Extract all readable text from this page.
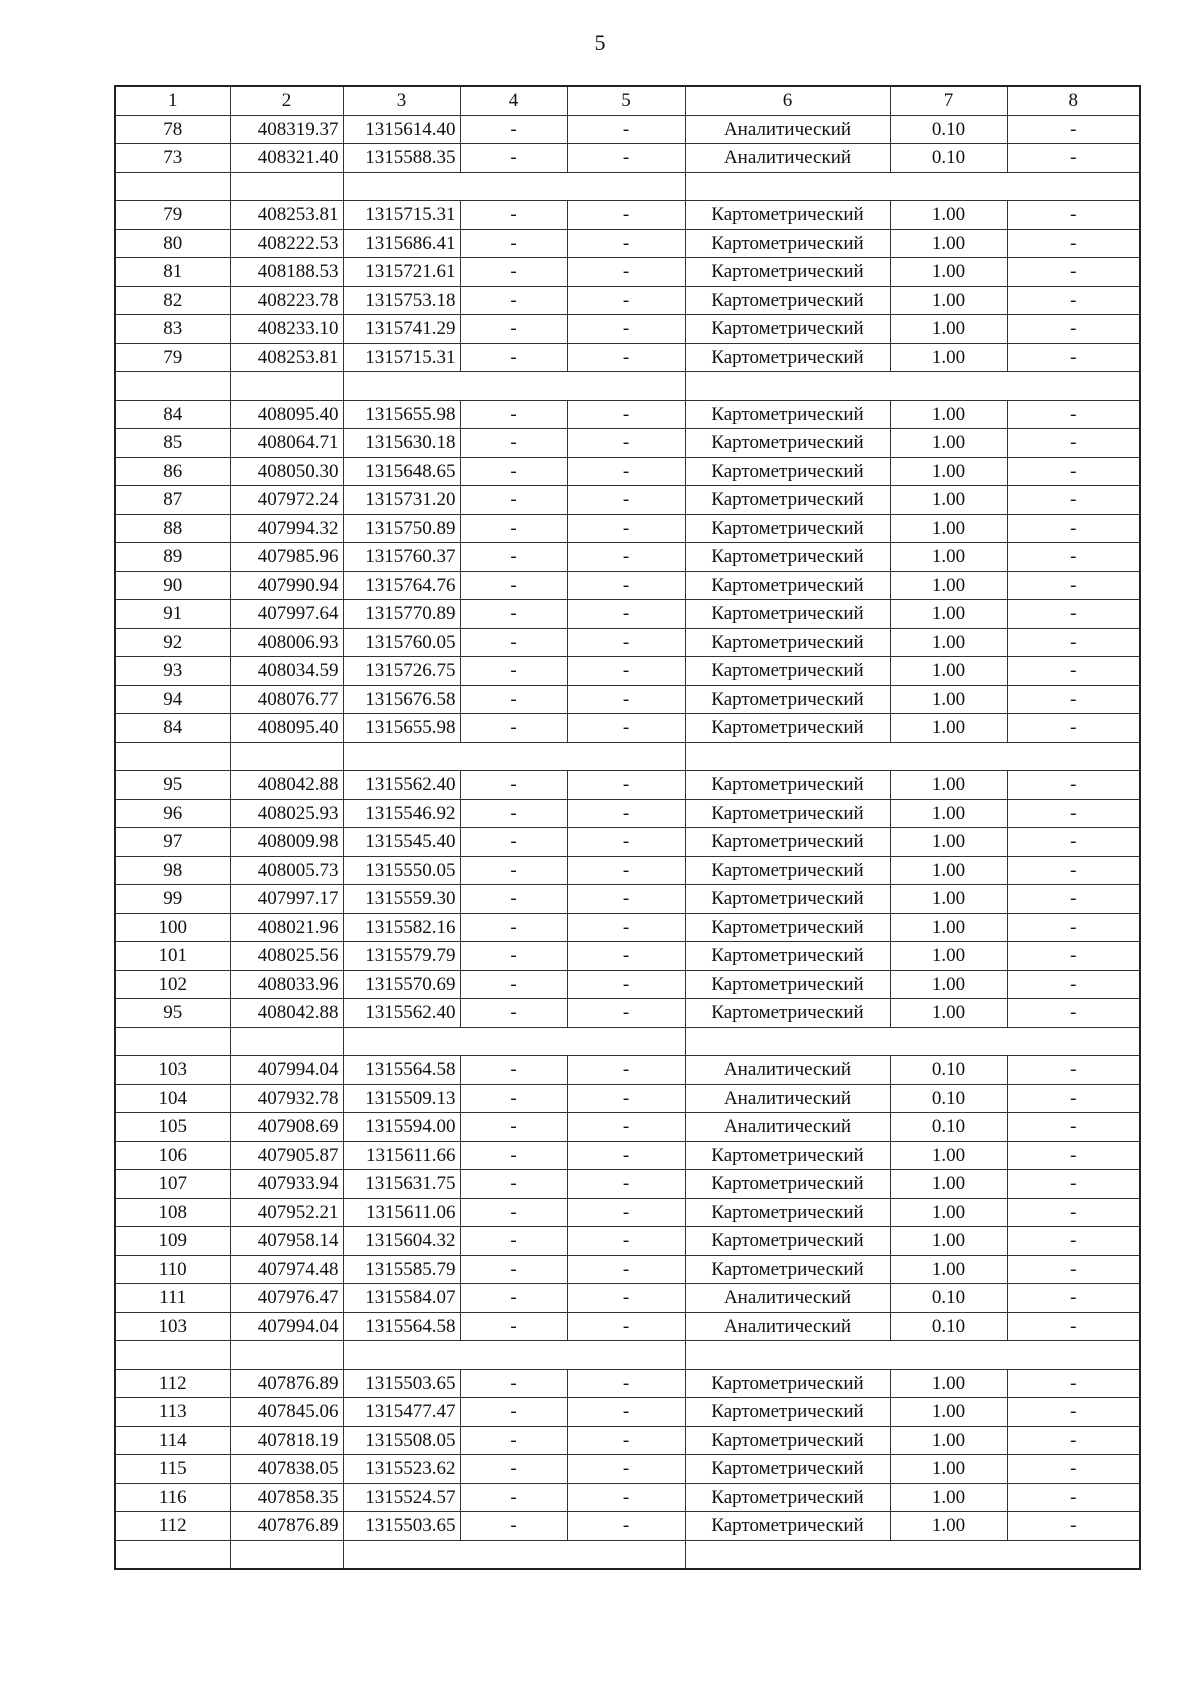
5
1	2	3	4	5	6	7	8
78	408319.37	1315614.40	-	-	Аналитический	0.10	-
73	408321.40	1315588.35	-	-	Аналитический	0.10	-

79	408253.81	1315715.31	-	-	Картометрический	1.00	-
80	408222.53	1315686.41	-	-	Картометрический	1.00	-
81	408188.53	1315721.61	-	-	Картометрический	1.00	-
82	408223.78	1315753.18	-	-	Картометрический	1.00	-
83	408233.10	1315741.29	-	-	Картометрический	1.00	-
79	408253.81	1315715.31	-	-	Картометрический	1.00	-

84	408095.40	1315655.98	-	-	Картометрический	1.00	-
85	408064.71	1315630.18	-	-	Картометрический	1.00	-
86	408050.30	1315648.65	-	-	Картометрический	1.00	-
87	407972.24	1315731.20	-	-	Картометрический	1.00	-
88	407994.32	1315750.89	-	-	Картометрический	1.00	-
89	407985.96	1315760.37	-	-	Картометрический	1.00	-
90	407990.94	1315764.76	-	-	Картометрический	1.00	-
91	407997.64	1315770.89	-	-	Картометрический	1.00	-
92	408006.93	1315760.05	-	-	Картометрический	1.00	-
93	408034.59	1315726.75	-	-	Картометрический	1.00	-
94	408076.77	1315676.58	-	-	Картометрический	1.00	-
84	408095.40	1315655.98	-	-	Картометрический	1.00	-

95	408042.88	1315562.40	-	-	Картометрический	1.00	-
96	408025.93	1315546.92	-	-	Картометрический	1.00	-
97	408009.98	1315545.40	-	-	Картометрический	1.00	-
98	408005.73	1315550.05	-	-	Картометрический	1.00	-
99	407997.17	1315559.30	-	-	Картометрический	1.00	-
100	408021.96	1315582.16	-	-	Картометрический	1.00	-
101	408025.56	1315579.79	-	-	Картометрический	1.00	-
102	408033.96	1315570.69	-	-	Картометрический	1.00	-
95	408042.88	1315562.40	-	-	Картометрический	1.00	-

103	407994.04	1315564.58	-	-	Аналитический	0.10	-
104	407932.78	1315509.13	-	-	Аналитический	0.10	-
105	407908.69	1315594.00	-	-	Аналитический	0.10	-
106	407905.87	1315611.66	-	-	Картометрический	1.00	-
107	407933.94	1315631.75	-	-	Картометрический	1.00	-
108	407952.21	1315611.06	-	-	Картометрический	1.00	-
109	407958.14	1315604.32	-	-	Картометрический	1.00	-
110	407974.48	1315585.79	-	-	Картометрический	1.00	-
111	407976.47	1315584.07	-	-	Аналитический	0.10	-
103	407994.04	1315564.58	-	-	Аналитический	0.10	-

112	407876.89	1315503.65	-	-	Картометрический	1.00	-
113	407845.06	1315477.47	-	-	Картометрический	1.00	-
114	407818.19	1315508.05	-	-	Картометрический	1.00	-
115	407838.05	1315523.62	-	-	Картометрический	1.00	-
116	407858.35	1315524.57	-	-	Картометрический	1.00	-
112	407876.89	1315503.65	-	-	Картометрический	1.00	-
